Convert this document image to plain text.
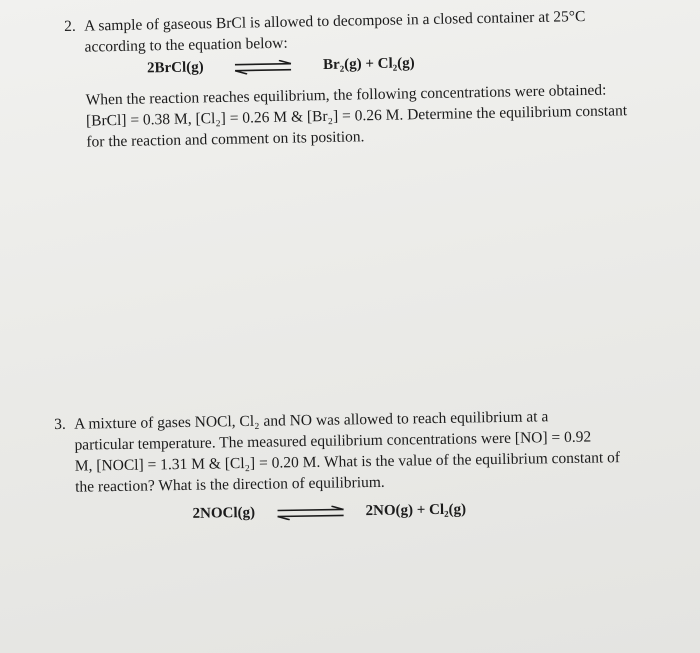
2. A sample of gaseous BrCl is allowed to decompose in a closed container at 25°C
according to the equation below:
2BrCl(g)	Br₂(g) + Cl₂(g)
When the reaction reaches equilibrium, the following concentrations were obtained:
[BrCl] = 0.38 M, [Cl₂] = 0.26 M & [Br₂] = 0.26 M. Determine the equilibrium constant
for the reaction and comment on its position.
3. A mixture of gases NOCl, Cl₂ and NO was allowed to reach equilibrium at a
particular temperature. The measured equilibrium concentrations were [NO] = 0.92
M, [NOCl] = 1.31 M & [Cl₂] = 0.20 M. What is the value of the equilibrium constant of
the reaction? What is the direction of equilibrium.
2NOCl(g)	2NO(g) + Cl₂(g)
